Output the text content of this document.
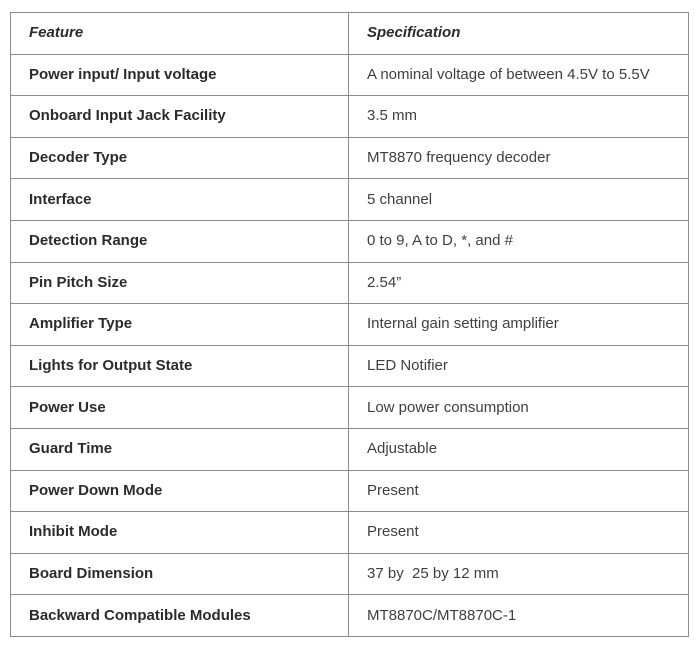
Feature	Specification
Power input/ Input voltage	A nominal voltage of between 4.5V to 5.5V
Onboard Input Jack Facility	3.5 mm
Decoder Type	MT8870 frequency decoder
Interface	5 channel
Detection Range	0 to 9, A to D, *, and #
Pin Pitch Size	2.54”
Amplifier Type	Internal gain setting amplifier
Lights for Output State	LED Notifier
Power Use	Low power consumption
Guard Time	Adjustable
Power Down Mode	Present
Inhibit Mode	Present
Board Dimension	37 by  25 by 12 mm
Backward Compatible Modules	MT8870C/MT8870C-1
